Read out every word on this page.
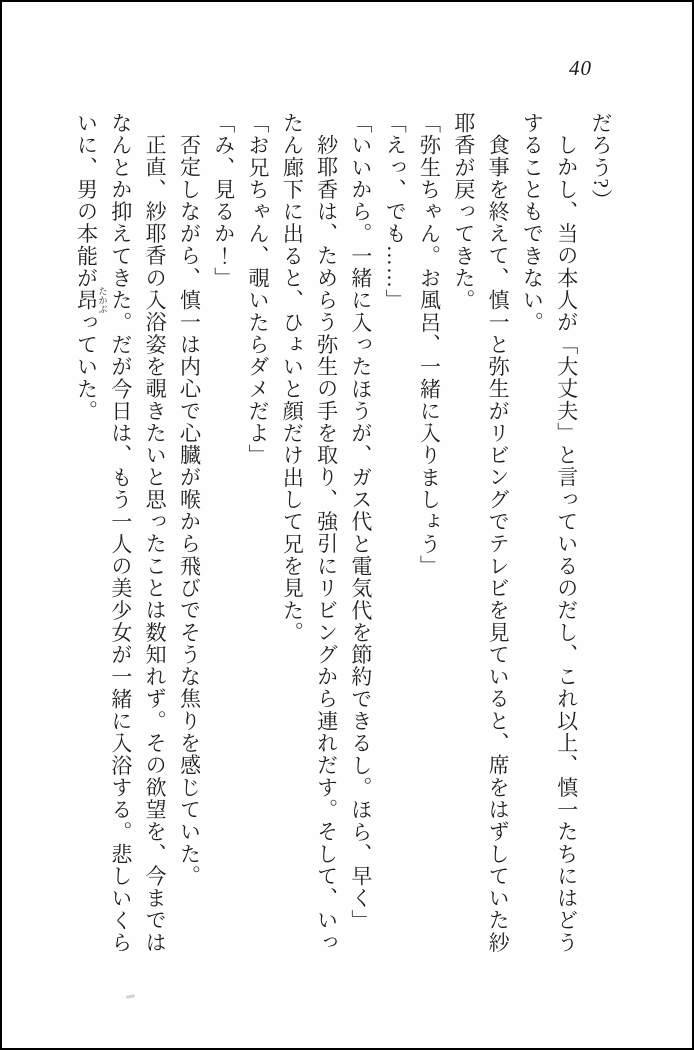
40

だろう?）

しかし、当の本人が「大丈夫」と言っているのだし、これ以上、慎一たちにはどうすることもできない。

食事を終えて、慎一と弥生がリビングでテレビを見ていると、席をはずしていた紗耶香が戻ってきた。

「弥生ちゃん。お風呂、一緒に入りましょう」

「えっ、でも……」

「いいから。一緒に入ったほうが、ガス代と電気代を節約できるし。ほら、早く」

紗耶香は、ためらう弥生の手を取り、強引にリビングから連れだす。そして、いったん廊下に出ると、ひょいと顔だけ出して兄を見た。

「お兄ちゃん、覗いたらダメだよ」

「み、見るか！」

否定しながら、慎一は内心で心臓が喉から飛びでそうな焦りを感じていた。

正直、紗耶香の入浴姿を覗きたいと思ったことは数知れず。その欲望を、今まではなんとか抑えてきた。だが今日は、もう一人の美少女が一緒に入浴する。悲しいくらいに、男の本能が昂 たかぶっていた。
